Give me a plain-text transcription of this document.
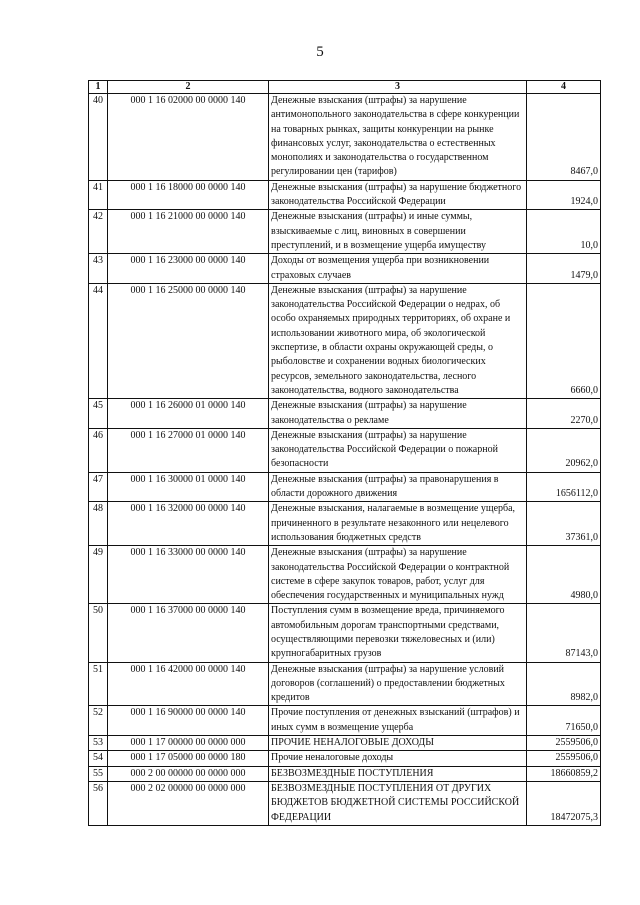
5
1	2	3	4
40	000 1 16 02000 00 0000 140	Денежные взыскания (штрафы) за нарушение антимонопольного законодательства в сфере конкуренции на товарных рынках, защиты конкуренции на рынке финансовых услуг, законодательства о естественных монополиях и законодательства о государственном регулировании цен (тарифов)	8467,0
41	000 1 16 18000 00 0000 140	Денежные взыскания (штрафы) за нарушение бюджетного законодательства Российской Федерации	1924,0
42	000 1 16 21000 00 0000 140	Денежные взыскания (штрафы) и иные суммы, взыскиваемые с лиц, виновных в совершении преступлений, и в возмещение ущерба имуществу	10,0
43	000 1 16 23000 00 0000 140	Доходы от возмещения ущерба при возникновении страховых случаев	1479,0
44	000 1 16 25000 00 0000 140	Денежные взыскания (штрафы) за нарушение законодательства Российской Федерации о недрах, об особо охраняемых природных территориях, об охране и использовании животного мира, об экологической экспертизе, в области охраны окружающей среды, о рыболовстве и сохранении водных биологических ресурсов, земельного законодательства, лесного законодательства, водного законодательства	6660,0
45	000 1 16 26000 01 0000 140	Денежные взыскания (штрафы) за нарушение законодательства о рекламе	2270,0
46	000 1 16 27000 01 0000 140	Денежные взыскания (штрафы) за нарушение законодательства Российской Федерации о пожарной безопасности	20962,0
47	000 1 16 30000 01 0000 140	Денежные взыскания (штрафы) за правонарушения в области дорожного движения	1656112,0
48	000 1 16 32000 00 0000 140	Денежные взыскания, налагаемые в возмещение ущерба, причиненного в результате незаконного или нецелевого использования бюджетных средств	37361,0
49	000 1 16 33000 00 0000 140	Денежные взыскания (штрафы) за нарушение законодательства Российской Федерации о контрактной системе в сфере закупок товаров, работ, услуг для обеспечения государственных и муниципальных нужд	4980,0
50	000 1 16 37000 00 0000 140	Поступления сумм в возмещение вреда, причиняемого автомобильным дорогам транспортными средствами, осуществляющими перевозки тяжеловесных и (или) крупногабаритных грузов	87143,0
51	000 1 16 42000 00 0000 140	Денежные взыскания (штрафы) за нарушение условий договоров (соглашений) о предоставлении бюджетных кредитов	8982,0
52	000 1 16 90000 00 0000 140	Прочие поступления от денежных взысканий (штрафов) и иных сумм в возмещение ущерба	71650,0
53	000 1 17 00000 00 0000 000	ПРОЧИЕ НЕНАЛОГОВЫЕ ДОХОДЫ	2559506,0
54	000 1 17 05000 00 0000 180	Прочие неналоговые доходы	2559506,0
55	000 2 00 00000 00 0000 000	БЕЗВОЗМЕЗДНЫЕ ПОСТУПЛЕНИЯ	18660859,2
56	000 2 02 00000 00 0000 000	БЕЗВОЗМЕЗДНЫЕ ПОСТУПЛЕНИЯ ОТ ДРУГИХ БЮДЖЕТОВ БЮДЖЕТНОЙ СИСТЕМЫ РОССИЙСКОЙ ФЕДЕРАЦИИ	18472075,3
